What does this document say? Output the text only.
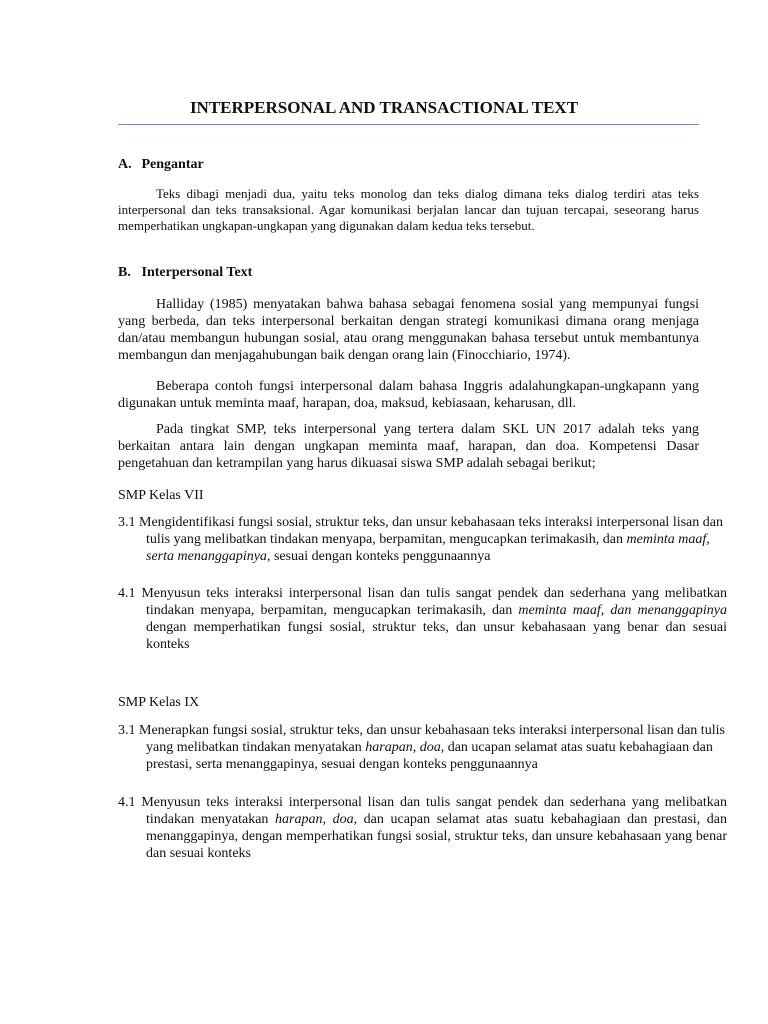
INTERPERSONAL AND TRANSACTIONAL TEXT
A. Pengantar
Teks dibagi menjadi dua, yaitu teks monolog dan teks dialog dimana teks dialog terdiri atas teks interpersonal dan teks transaksional. Agar komunikasi berjalan lancar dan tujuan tercapai, seseorang harus memperhatikan ungkapan-ungkapan yang digunakan dalam kedua teks tersebut.
B. Interpersonal Text
Halliday (1985) menyatakan bahwa bahasa sebagai fenomena sosial yang mempunyai fungsi yang berbeda, dan teks interpersonal berkaitan dengan strategi komunikasi dimana orang menjaga dan/atau membangun hubungan sosial, atau orang menggunakan bahasa tersebut untuk membantunya membangun dan menjagahubungan baik dengan orang lain (Finocchiario, 1974).
Beberapa contoh fungsi interpersonal dalam bahasa Inggris adalahungkapan-ungkapann yang digunakan untuk meminta maaf, harapan, doa, maksud, kebiasaan, keharusan, dll.
Pada tingkat SMP, teks interpersonal yang tertera dalam SKL UN 2017 adalah teks yang berkaitan antara lain dengan ungkapan meminta maaf, harapan, dan doa. Kompetensi Dasar pengetahuan dan ketrampilan yang harus dikuasai siswa SMP adalah sebagai berikut;
SMP Kelas VII
3.1 Mengidentifikasi fungsi sosial, struktur teks, dan unsur kebahasaan teks interaksi interpersonal lisan dan tulis yang melibatkan tindakan menyapa, berpamitan, mengucapkan terimakasih, dan meminta maaf, serta menanggapinya, sesuai dengan konteks penggunaannya
4.1 Menyusun teks interaksi interpersonal lisan dan tulis sangat pendek dan sederhana yang melibatkan tindakan menyapa, berpamitan, mengucapkan terimakasih, dan meminta maaf, dan menanggapinya dengan memperhatikan fungsi sosial, struktur teks, dan unsur kebahasaan yang benar dan sesuai konteks
SMP Kelas IX
3.1 Menerapkan fungsi sosial, struktur teks, dan unsur kebahasaan teks interaksi interpersonal lisan dan tulis yang melibatkan tindakan menyatakan harapan, doa, dan ucapan selamat atas suatu kebahagiaan dan prestasi, serta menanggapinya, sesuai dengan konteks penggunaannya
4.1 Menyusun teks interaksi interpersonal lisan dan tulis sangat pendek dan sederhana yang melibatkan tindakan menyatakan harapan, doa, dan ucapan selamat atas suatu kebahagiaan dan prestasi, dan menanggapinya, dengan memperhatikan fungsi sosial, struktur teks, dan unsure kebahasaan yang benar dan sesuai konteks
